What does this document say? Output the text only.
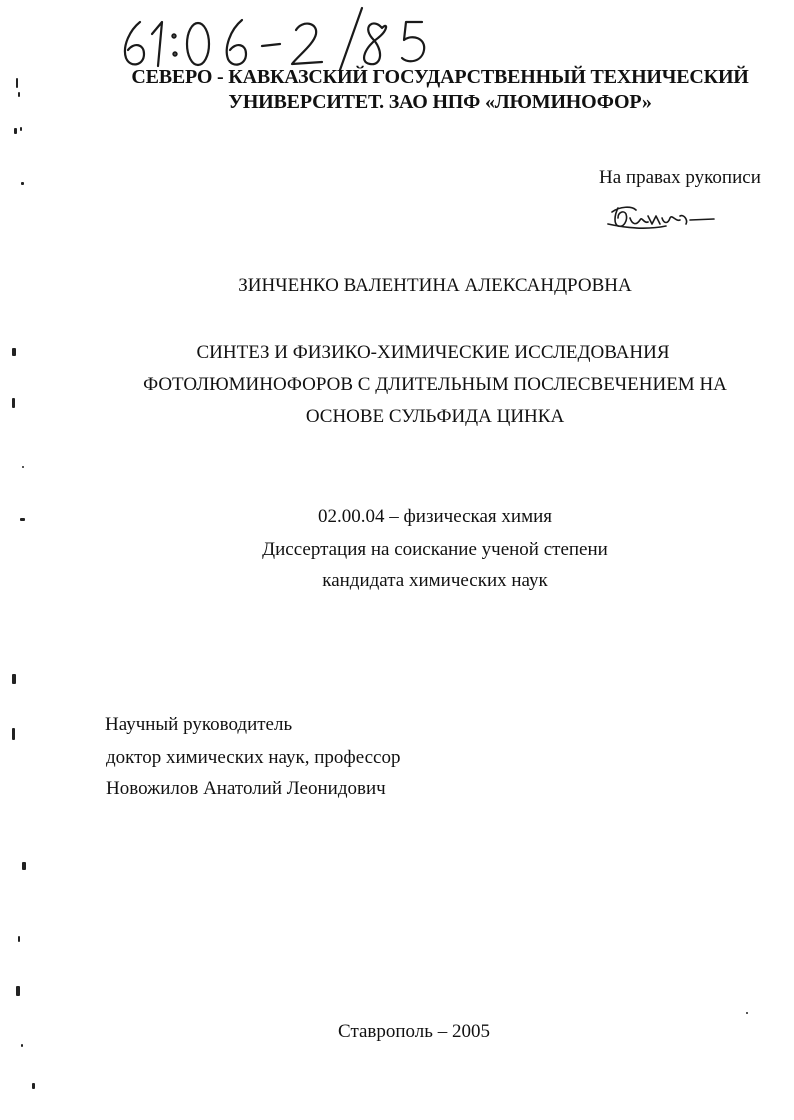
СЕВЕРО - КАВКАЗСКИЙ ГОСУДАРСТВЕННЫЙ ТЕХНИЧЕСКИЙ
УНИВЕРСИТЕТ. ЗАО НПФ «ЛЮМИНОФОР»
На правах рукописи
ЗИНЧЕНКО ВАЛЕНТИНА АЛЕКСАНДРОВНА
СИНТЕЗ И ФИЗИКО-ХИМИЧЕСКИЕ ИССЛЕДОВАНИЯ
ФОТОЛЮМИНОФОРОВ С ДЛИТЕЛЬНЫМ ПОСЛЕСВЕЧЕНИЕМ НА
ОСНОВЕ СУЛЬФИДА ЦИНКА
02.00.04 – физическая химия
Диссертация на соискание ученой степени
кандидата химических наук
Научный руководитель
доктор химических наук, профессор
Новожилов Анатолий Леонидович
Ставрополь – 2005
